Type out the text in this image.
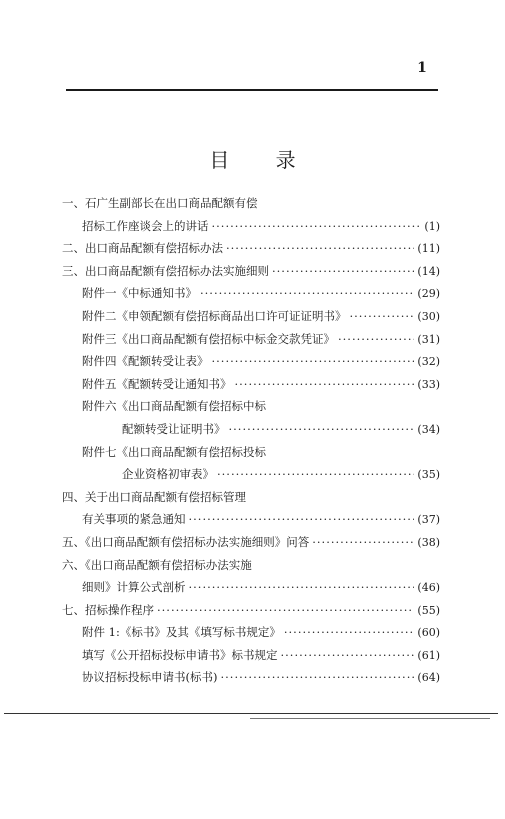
1
目 录
一、石广生副部长在出口商品配额有偿
招标工作座谈会上的讲话 ·····	(1)
二、出口商品配额有偿招标办法 ·····	(11)
三、出口商品配额有偿招标办法实施细则 ·····	(14)
附件一《中标通知书》 ·····	(29)
附件二《申领配额有偿招标商品出口许可证证明书》 ·····	(30)
附件三《出口商品配额有偿招标中标金交款凭证》 ·····	(31)
附件四《配额转受让表》 ·····	(32)
附件五《配额转受让通知书》 ·····	(33)
附件六《出口商品配额有偿招标中标
配额转受让证明书》 ·····	(34)
附件七《出口商品配额有偿招标投标
企业资格初审表》 ·····	(35)
四、关于出口商品配额有偿招标管理
有关事项的紧急通知 ·····	(37)
五、《出口商品配额有偿招标办法实施细则》问答 ·····	(38)
六、《出口商品配额有偿招标办法实施
细则》计算公式剖析 ·····	(46)
七、招标操作程序 ·····	(55)
附件 1:《标书》及其《填写标书规定》 ·····	(60)
填写《公开招标投标申请书》标书规定 ·····	(61)
协议招标投标申请书(标书) ·····	(64)
